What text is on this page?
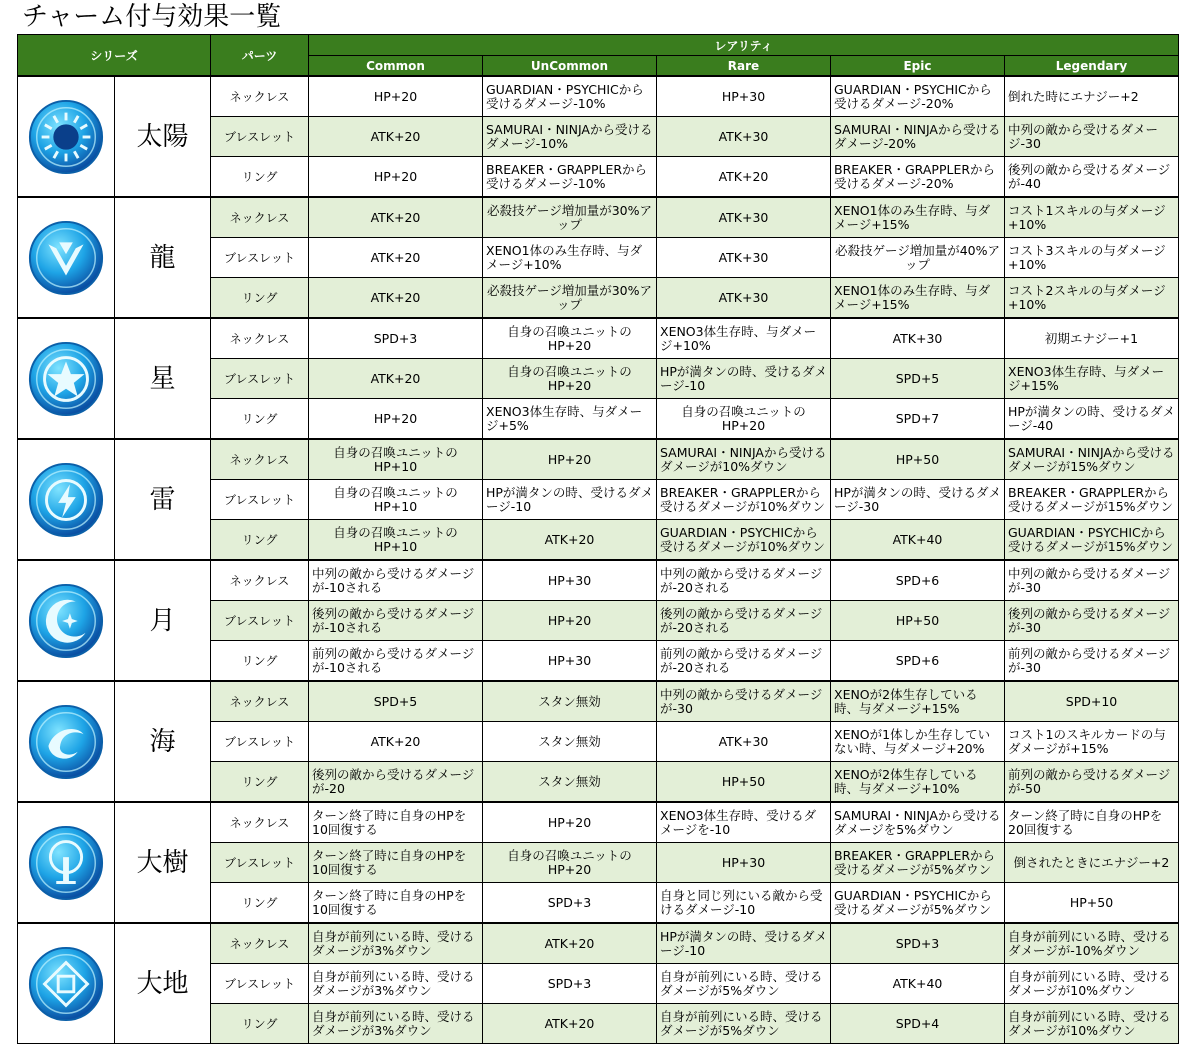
チャーム付与効果一覧
シリーズ		パーツ	レアリティ				
			Common	UnCommon	Rare	Epic	Legendary

	太陽	ネックレス	HP+20	GUARDIAN・PSYCHICから受けるダメージ-10%	HP+30	GUARDIAN・PSYCHICから受けるダメージ-20%	倒れた時にエナジー+2
		ブレスレット	ATK+20	SAMURAI・NINJAから受けるダメージ-10%	ATK+30	SAMURAI・NINJAから受けるダメージ-20%	中列の敵から受けるダメージ-30
		リング	HP+20	BREAKER・GRAPPLERから受けるダメージ-10%	ATK+20	BREAKER・GRAPPLERから受けるダメージ-20%	後列の敵から受けるダメージが-40

	龍	ネックレス	ATK+20	必殺技ゲージ増加量が30%アップ	ATK+30	XENO1体のみ生存時、与ダメージ+15%	コスト1スキルの与ダメージ+10%
		ブレスレット	ATK+20	XENO1体のみ生存時、与ダメージ+10%	ATK+30	必殺技ゲージ増加量が40%アップ	コスト3スキルの与ダメージ+10%
		リング	ATK+20	必殺技ゲージ増加量が30%アップ	ATK+30	XENO1体のみ生存時、与ダメージ+15%	コスト2スキルの与ダメージ+10%

	星	ネックレス	SPD+3	自身の召喚ユニットのHP+20	XENO3体生存時、与ダメージ+10%	ATK+30	初期エナジー+1
		ブレスレット	ATK+20	自身の召喚ユニットのHP+20	HPが満タンの時、受けるダメージ-10	SPD+5	XENO3体生存時、与ダメージ+15%
		リング	HP+20	XENO3体生存時、与ダメージ+5%	自身の召喚ユニットのHP+20	SPD+7	HPが満タンの時、受けるダメージ-40

	雷	ネックレス	自身の召喚ユニットのHP+10	HP+20	SAMURAI・NINJAから受けるダメージが10%ダウン	HP+50	SAMURAI・NINJAから受けるダメージが15%ダウン
		ブレスレット	自身の召喚ユニットのHP+10	HPが満タンの時、受けるダメージ-10	BREAKER・GRAPPLERから受けるダメージが10%ダウン	HPが満タンの時、受けるダメージ-30	BREAKER・GRAPPLERから受けるダメージが15%ダウン
		リング	自身の召喚ユニットのHP+10	ATK+20	GUARDIAN・PSYCHICから受けるダメージが10%ダウン	ATK+40	GUARDIAN・PSYCHICから受けるダメージが15%ダウン

	月	ネックレス	中列の敵から受けるダメージが-10される	HP+30	中列の敵から受けるダメージが-20される	SPD+6	中列の敵から受けるダメージが-30
		ブレスレット	後列の敵から受けるダメージが-10される	HP+20	後列の敵から受けるダメージが-20される	HP+50	後列の敵から受けるダメージが-30
		リング	前列の敵から受けるダメージが-10される	HP+30	前列の敵から受けるダメージが-20される	SPD+6	前列の敵から受けるダメージが-30

	海	ネックレス	SPD+5	スタン無効	中列の敵から受けるダメージが-30	XENOが2体生存している時、与ダメージ+15%	SPD+10
		ブレスレット	ATK+20	スタン無効	ATK+30	XENOが1体しか生存していない時、与ダメージ+20%	コスト1のスキルカードの与ダメージが+15%
		リング	後列の敵から受けるダメージが-20	スタン無効	HP+50	XENOが2体生存している時、与ダメージ+10%	前列の敵から受けるダメージが-50

	大樹	ネックレス	ターン終了時に自身のHPを10回復する	HP+20	XENO3体生存時、受けるダメージを-10	SAMURAI・NINJAから受けるダメージを5%ダウン	ターン終了時に自身のHPを20回復する
		ブレスレット	ターン終了時に自身のHPを10回復する	自身の召喚ユニットのHP+20	HP+30	BREAKER・GRAPPLERから受けるダメージが5%ダウン	倒されたときにエナジー+2
		リング	ターン終了時に自身のHPを10回復する	SPD+3	自身と同じ列にいる敵から受けるダメージ-10	GUARDIAN・PSYCHICから受けるダメージが5%ダウン	HP+50

	大地	ネックレス	自身が前列にいる時、受けるダメージが3%ダウン	ATK+20	HPが満タンの時、受けるダメージ-10	SPD+3	自身が前列にいる時、受けるダメージが-10%ダウン
		ブレスレット	自身が前列にいる時、受けるダメージが3%ダウン	SPD+3	自身が前列にいる時、受けるダメージが5%ダウン	ATK+40	自身が前列にいる時、受けるダメージが10%ダウン
		リング	自身が前列にいる時、受けるダメージが3%ダウン	ATK+20	自身が前列にいる時、受けるダメージが5%ダウン	SPD+4	自身が前列にいる時、受けるダメージが10%ダウン
